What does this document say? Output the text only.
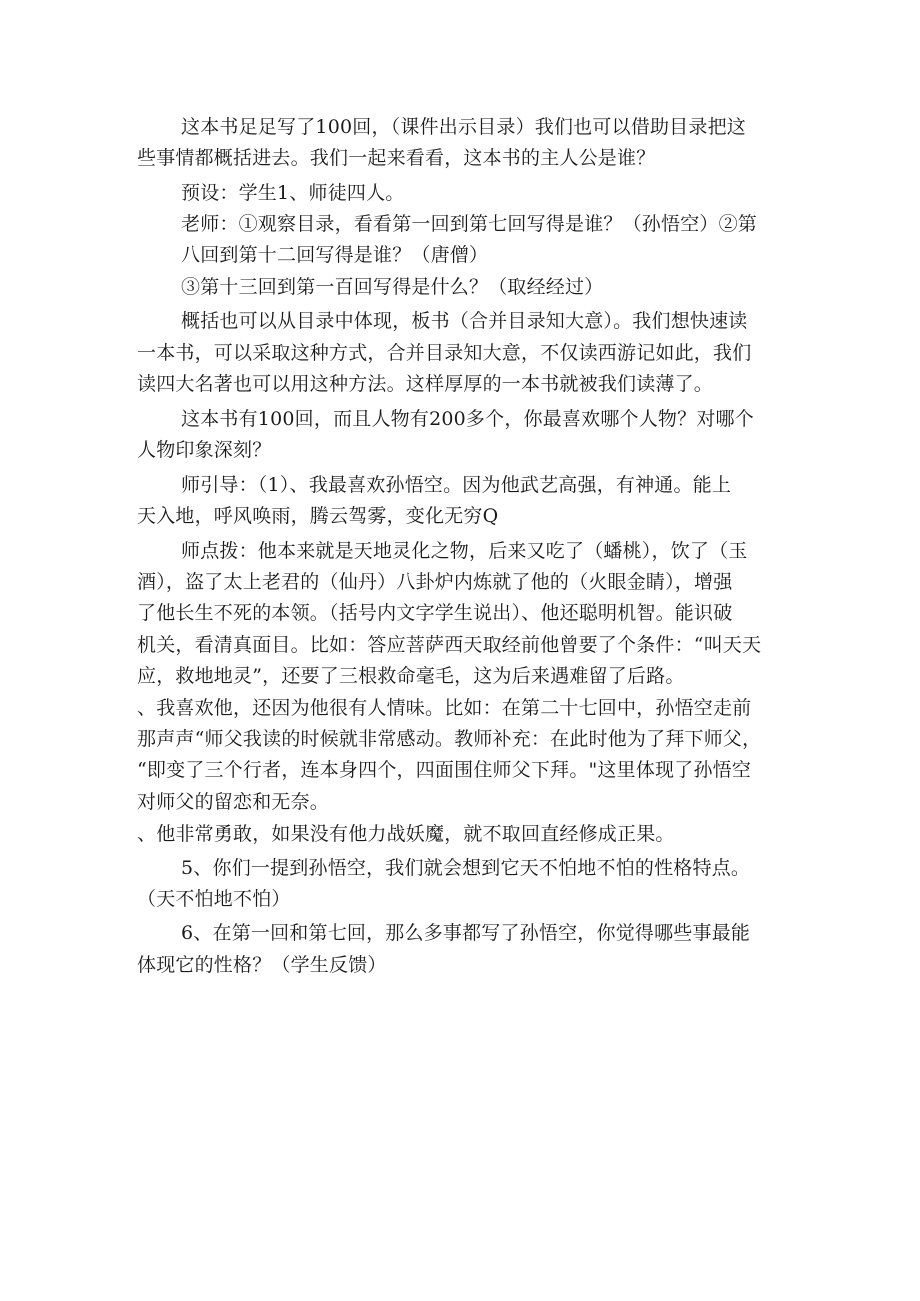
这本书足足写了100回，（课件出示目录）我们也可以借助目录把这
些事情都概括进去。我们一起来看看，这本书的主人公是谁？
预设：学生1、师徒四人。
老师：①观察目录，看看第一回到第七回写得是谁？（孙悟空）②第
八回到第十二回写得是谁？（唐僧）
③第十三回到第一百回写得是什么？（取经经过）
概括也可以从目录中体现，板书（合并目录知大意）。我们想快速读
一本书，可以采取这种方式，合并目录知大意，不仅读西游记如此，我们
读四大名著也可以用这种方法。这样厚厚的一本书就被我们读薄了。
这本书有100回，而且人物有200多个，你最喜欢哪个人物？对哪个
人物印象深刻？
师引导：（1）、我最喜欢孙悟空。因为他武艺高强，有神通。能上
天入地，呼风唤雨，腾云驾雾，变化无穷Q
师点拨：他本来就是天地灵化之物，后来又吃了（蟠桃），饮了（玉
酒），盗了太上老君的（仙丹）八卦炉内炼就了他的（火眼金睛），增强
了他长生不死的本领。（括号内文字学生说出）、他还聪明机智。能识破
机关，看清真面目。比如：答应菩萨西天取经前他曾要了个条件：“叫天天
应，救地地灵”，还要了三根救命毫毛，这为后来遇难留了后路。
、我喜欢他，还因为他很有人情味。比如：在第二十七回中，孙悟空走前
那声声“师父我读的时候就非常感动。教师补充：在此时他为了拜下师父，
“即变了三个行者，连本身四个，四面围住师父下拜。"这里体现了孙悟空
对师父的留恋和无奈。
、他非常勇敢，如果没有他力战妖魔，就不取回直经修成正果。
5、你们一提到孙悟空，我们就会想到它天不怕地不怕的性格特点。
（天不怕地不怕）
6、在第一回和第七回，那么多事都写了孙悟空，你觉得哪些事最能
体现它的性格？（学生反馈）
